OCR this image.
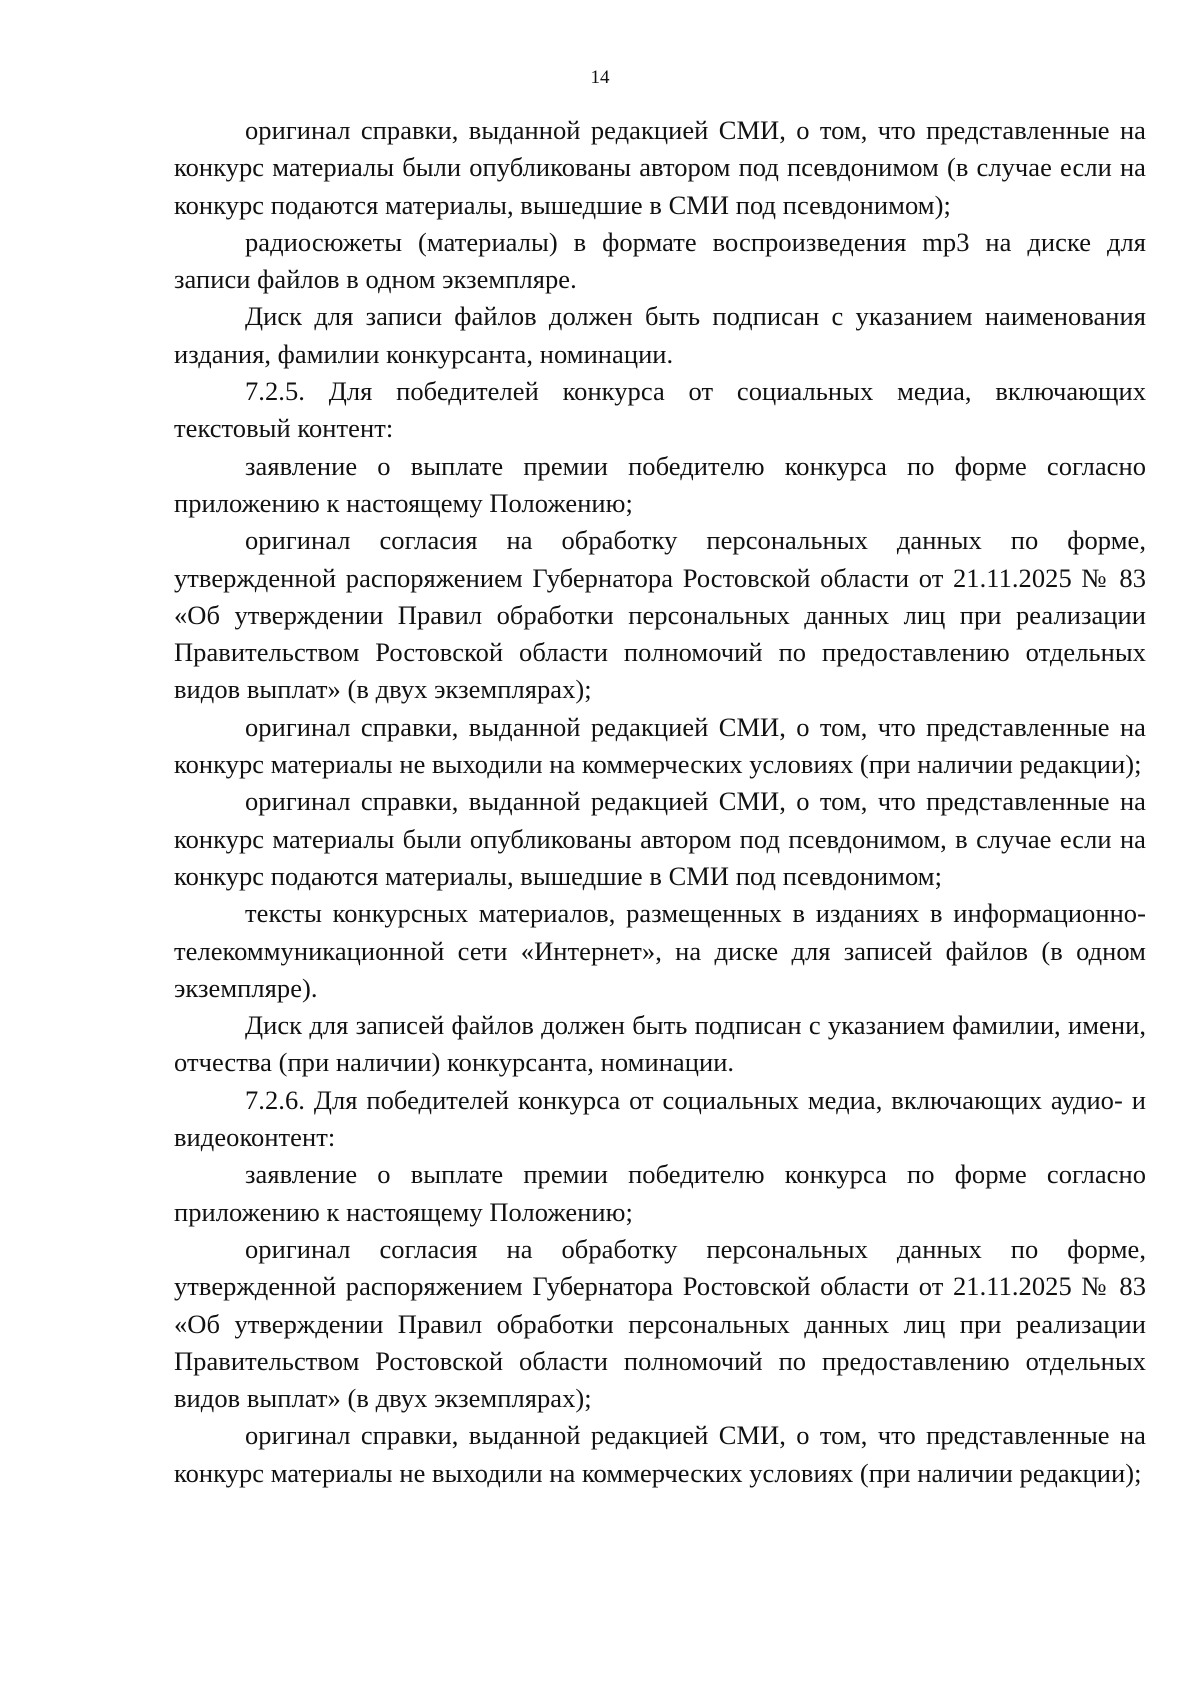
14

оригинал справки, выданной редакцией СМИ, о том, что представленные на конкурс материалы были опубликованы автором под псевдонимом (в случае если на конкурс подаются материалы, вышедшие в СМИ под псевдонимом);

радиосюжеты (материалы) в формате воспроизведения mp3 на диске для записи файлов в одном экземпляре.

Диск для записи файлов должен быть подписан с указанием наименования издания, фамилии конкурсанта, номинации.

7.2.5. Для победителей конкурса от социальных медиа, включающих текстовый контент:

заявление о выплате премии победителю конкурса по форме согласно приложению к настоящему Положению;

оригинал согласия на обработку персональных данных по форме, утвержденной распоряжением Губернатора Ростовской области от 21.11.2025 № 83 «Об утверждении Правил обработки персональных данных лиц при реализации Правительством Ростовской области полномочий по предоставлению отдельных видов выплат» (в двух экземплярах);

оригинал справки, выданной редакцией СМИ, о том, что представленные на конкурс материалы не выходили на коммерческих условиях (при наличии редакции);

оригинал справки, выданной редакцией СМИ, о том, что представленные на конкурс материалы были опубликованы автором под псевдонимом, в случае если на конкурс подаются материалы, вышедшие в СМИ под псевдонимом;

тексты конкурсных материалов, размещенных в изданиях в информационно-телекоммуникационной сети «Интернет», на диске для записей файлов (в одном экземпляре).

Диск для записей файлов должен быть подписан с указанием фамилии, имени, отчества (при наличии) конкурсанта, номинации.

7.2.6. Для победителей конкурса от социальных медиа, включающих аудио- и видеоконтент:

заявление о выплате премии победителю конкурса по форме согласно приложению к настоящему Положению;

оригинал согласия на обработку персональных данных по форме, утвержденной распоряжением Губернатора Ростовской области от 21.11.2025 № 83 «Об утверждении Правил обработки персональных данных лиц при реализации Правительством Ростовской области полномочий по предоставлению отдельных видов выплат» (в двух экземплярах);

оригинал справки, выданной редакцией СМИ, о том, что представленные на конкурс материалы не выходили на коммерческих условиях (при наличии редакции);
